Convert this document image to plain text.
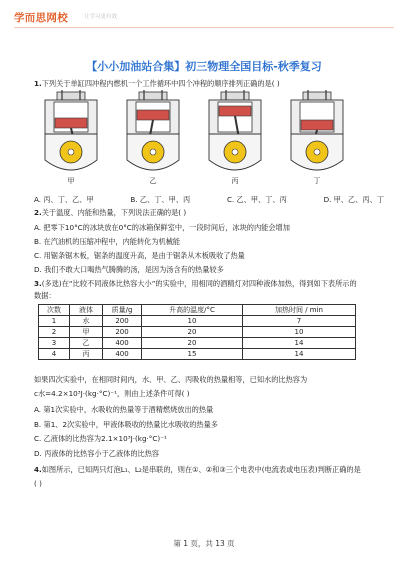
学而思网校	让学习更有效
【小小加油站合集】初三物理全国目标-秋季复习
1.下列关于单缸四冲程内燃机一个工作循环中四个冲程的顺序排列正确的是( )
甲	乙	丙	丁
A. 丙、丁、乙、甲	B. 乙、丁、甲、丙	C. 乙、甲、丁、丙	D. 甲、乙、丙、丁
2.关于温度、内能和热量，下列说法正确的是( )
A. 把零下10°C的冰块放在0°C的冰箱保鲜室中，一段时间后，冰块的内能会增加
B. 在汽油机的压缩冲程中，内能转化为机械能
C. 用锯条锯木板，锯条的温度升高，是由于锯条从木板吸收了热量
D. 我们不敢大口喝热气腾腾的汤，是因为汤含有的热量较多
3.(多选)在“比较不同液体比热容大小”的实验中，用相同的酒精灯对四种液体加热，得到如下表所示的
数据：
次数	液体	质量/g	升高的温度/°C	加热时间 / min
1	水	200	10	7
2	甲	200	20	10
3	乙	400	20	14
4	丙	400	15	14
如果四次实验中，在相同时间内，水、甲、乙、丙吸收的热量相等，已知水的比热容为
c水=4.2×10³J·(kg·°C)⁻¹，则由上述条件可得( )
A. 第1次实验中，水吸收的热量等于酒精燃烧放出的热量
B. 第1、2次实验中，甲液体吸收的热量比水吸收的热量多
C. 乙液体的比热容为2.1×10³J·(kg·°C)⁻¹
D. 丙液体的比热容小于乙液体的比热容
4.如图所示，已知两只灯泡L₁、L₂是串联的，则在①、②和③三个电表中(电流表或电压表)判断正确的是
( )
第 1 页，共 13 页
